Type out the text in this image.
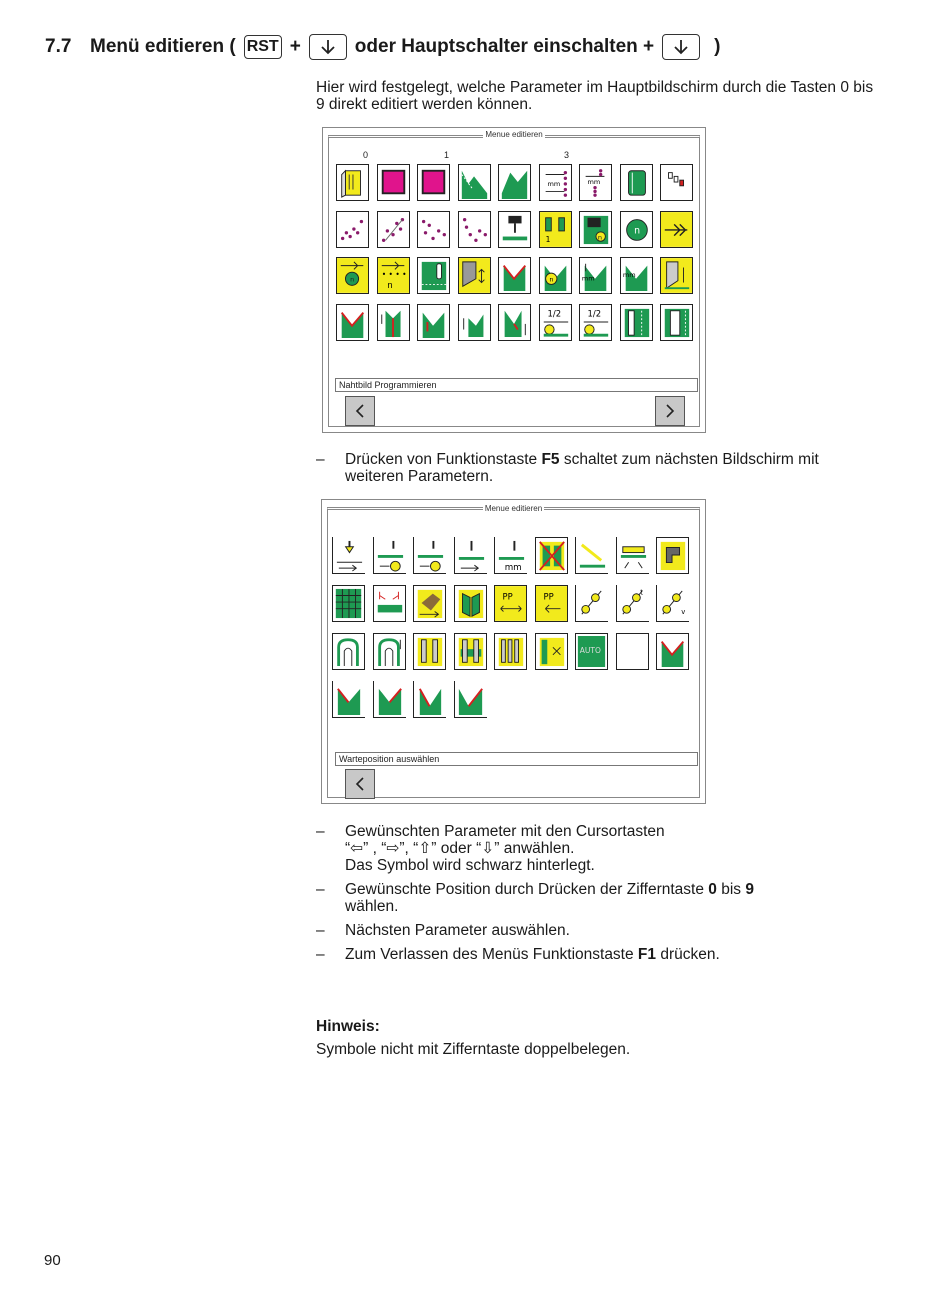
7.7 Menü editieren ( RST +	oder Hauptschalter einschalten +	)
Hier wird festgelegt, welche Parameter im Hauptbildschirm durch die Tasten 0 bis 9 direkt editiert werden können.
Menue editieren
0	1	3
mm	mm
1	n
n
n
• • • •
n
n	mm	mm
1/2	1/2
Nahtbild Programmieren
– Drücken von Funktionstaste F5 schaltet zum nächsten Bildschirm mit weiteren Parametern.
Menue editieren
mm
PP	PP	t
v
AUTO
Warteposition auswählen
– Gewünschten Parameter mit den Cursortasten
“⇦” , “⇨”, “⇧” oder “⇩” anwählen.
Das Symbol wird schwarz hinterlegt.
– Gewünschte Position durch Drücken der Zifferntaste 0 bis 9
wählen.
– Nächsten Parameter auswählen.
– Zum Verlassen des Menüs Funktionstaste F1 drücken.
Hinweis:
Symbole nicht mit Zifferntaste doppelbelegen.
90
